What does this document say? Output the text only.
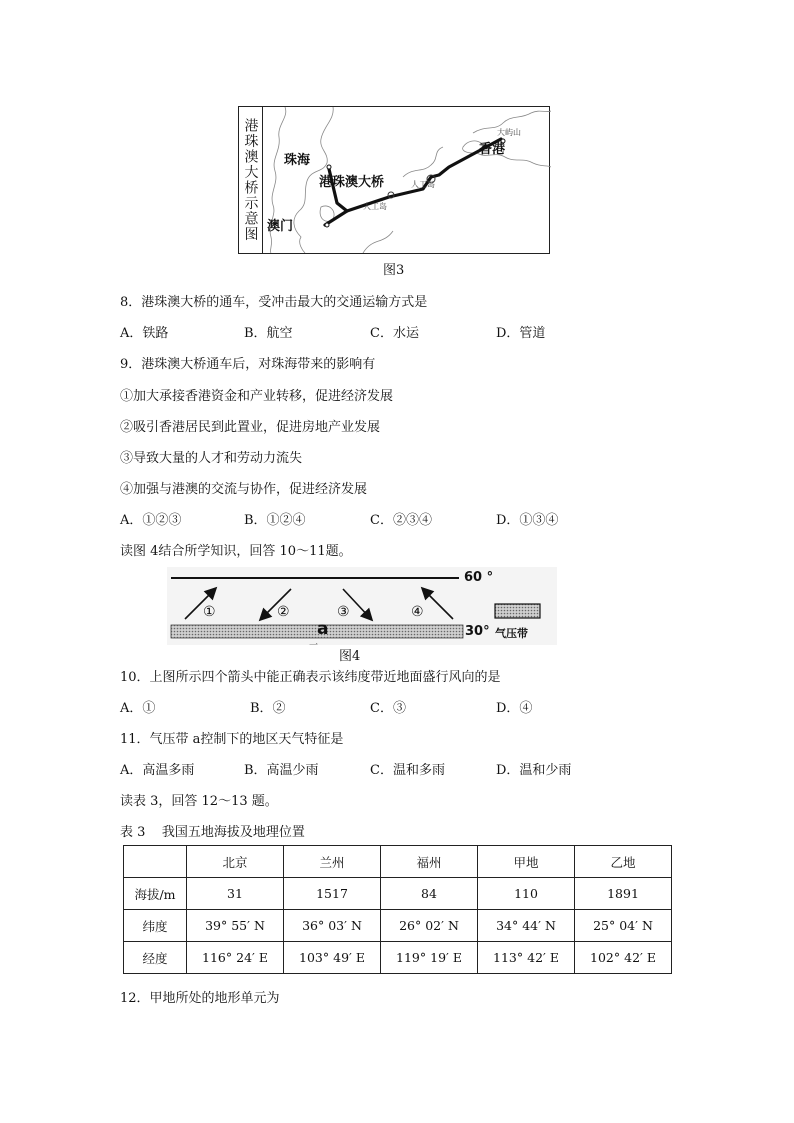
港珠澳大桥示意图	珠海
港珠澳大桥
香港
大屿山
澳门
人工岛
人工岛
图3
8．港珠澳大桥的通车，受冲击最大的交通运输方式是
A．铁路	B．航空	C．水运	D．管道
9．港珠澳大桥通车后，对珠海带来的影响有
①加大承接香港资金和产业转移，促进经济发展
②吸引香港居民到此置业，促进房地产业发展
③导致大量的人才和劳动力流失
④加强与港澳的交流与协作，促进经济发展
A．①②③	B．①②④	C．②③④	D．①③④
读图 4结合所学知识，回答 10～11题。
60 °
30°
a	气压带
①	②	③	④
一
图4
10．上图所示四个箭头中能正确表示该纬度带近地面盛行风向的是
A．①	B．②	C．③	D．④
11．气压带 a控制下的地区天气特征是
A．高温多雨	B．高温少雨	C．温和多雨	D．温和少雨
读表 3，回答 12～13 题。
表 3    我国五地海拔及地理位置
	北京	兰州	福州	甲地	乙地
海拔/m	31	1517	84	110	1891
纬度	39° 55′ N	36° 03′ N	26° 02′ N	34° 44′ N	25° 04′ N
经度	116° 24′ E	103° 49′ E	119° 19′ E	113° 42′ E	102° 42′ E
12．甲地所处的地形单元为
